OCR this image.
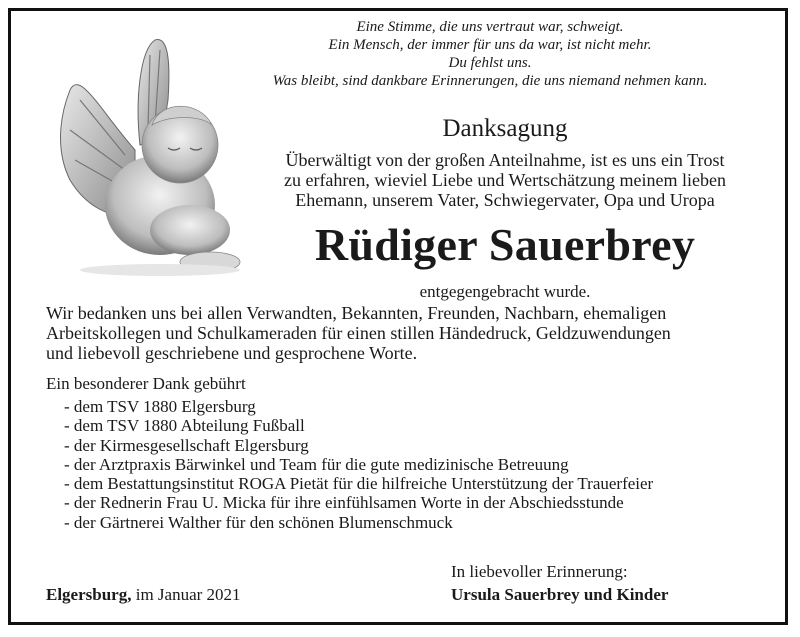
Eine Stimme, die uns vertraut war, schweigt.
Ein Mensch, der immer für uns da war, ist nicht mehr.
Du fehlst uns.
Was bleibt, sind dankbare Erinnerungen, die uns niemand nehmen kann.
Danksagung
Überwältigt von der großen Anteilnahme, ist es uns ein Trost
zu erfahren, wieviel Liebe und Wertschätzung meinem lieben
Ehemann, unserem Vater, Schwiegervater, Opa und Uropa
Rüdiger Sauerbrey
entgegengebracht wurde.
Wir bedanken uns bei allen Verwandten, Bekannten, Freunden, Nachbarn, ehemaligen
Arbeitskollegen und Schulkameraden für einen stillen Händedruck, Geldzuwendungen
und liebevoll geschriebene und gesprochene Worte.
Ein besonderer Dank gebührt
- dem TSV 1880 Elgersburg
- dem TSV 1880 Abteilung Fußball
- der Kirmesgesellschaft Elgersburg
- der Arztpraxis Bärwinkel und Team für die gute medizinische Betreuung
- dem Bestattungsinstitut ROGA Pietät für die hilfreiche Unterstützung der Trauerfeier
- der Rednerin Frau U. Micka für ihre einfühlsamen Worte in der Abschiedsstunde
- der Gärtnerei Walther für den schönen Blumenschmuck
Elgersburg, im Januar 2021
In liebevoller Erinnerung:
Ursula Sauerbrey und Kinder
